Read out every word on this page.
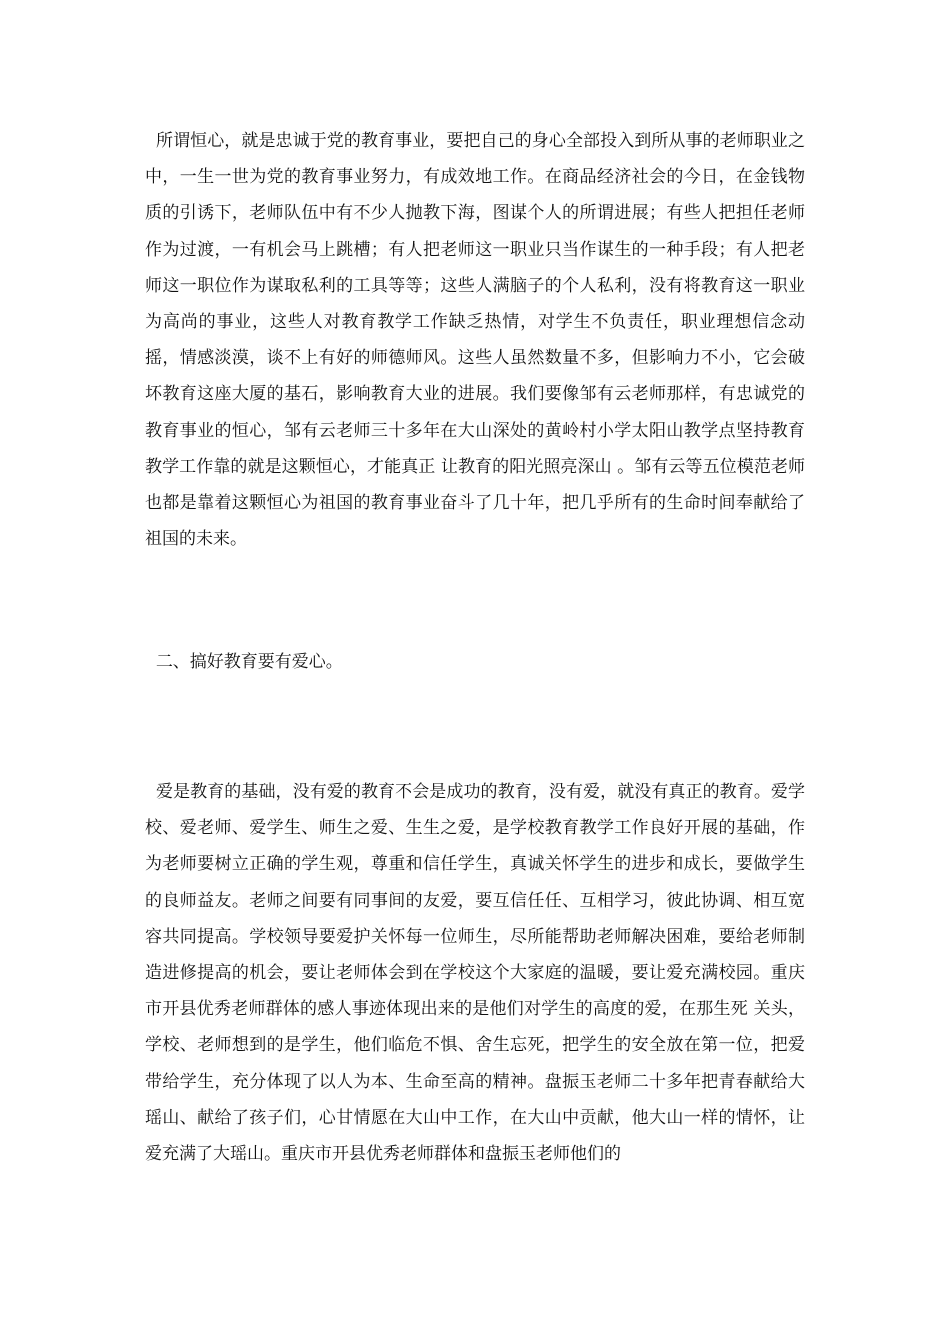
所谓恒心，就是忠诚于党的教育事业，要把自己的身心全部投入到所从事的老师职业之中，一生一世为党的教育事业努力，有成效地工作。在商品经济社会的今日，在金钱物质的引诱下，老师队伍中有不少人抛教下海，图谋个人的所谓进展；有些人把担任老师作为过渡，一有机会马上跳槽；有人把老师这一职业只当作谋生的一种手段；有人把老师这一职位作为谋取私利的工具等等；这些人满脑子的个人私利，没有将教育这一职业为高尚的事业，这些人对教育教学工作缺乏热情，对学生不负责任，职业理想信念动摇，情感淡漠，谈不上有好的师德师风。这些人虽然数量不多，但影响力不小，它会破坏教育这座大厦的基石，影响教育大业的进展。我们要像邹有云老师那样，有忠诚党的教育事业的恒心，邹有云老师三十多年在大山深处的黄岭村小学太阳山教学点坚持教育教学工作靠的就是这颗恒心，才能真正 让教育的阳光照亮深山 。邹有云等五位模范老师也都是靠着这颗恒心为祖国的教育事业奋斗了几十年，把几乎所有的生命时间奉献给了祖国的未来。

二、搞好教育要有爱心。

爱是教育的基础，没有爱的教育不会是成功的教育，没有爱，就没有真正的教育。爱学校、爱老师、爱学生、师生之爱、生生之爱，是学校教育教学工作良好开展的基础，作为老师要树立正确的学生观，尊重和信任学生，真诚关怀学生的进步和成长，要做学生的良师益友。老师之间要有同事间的友爱，要互信任任、互相学习，彼此协调、相互宽容共同提高。学校领导要爱护关怀每一位师生，尽所能帮助老师解决困难，要给老师制造进修提高的机会，要让老师体会到在学校这个大家庭的温暖，要让爱充满校园。重庆市开县优秀老师群体的感人事迹体现出来的是他们对学生的高度的爱，在那生死 关头，学校、老师想到的是学生，他们临危不惧、舍生忘死，把学生的安全放在第一位，把爱带给学生，充分体现了以人为本、生命至高的精神。盘振玉老师二十多年把青春献给大瑶山、献给了孩子们，心甘情愿在大山中工作，在大山中贡献，他大山一样的情怀，让爱充满了大瑶山。重庆市开县优秀老师群体和盘振玉老师他们的
